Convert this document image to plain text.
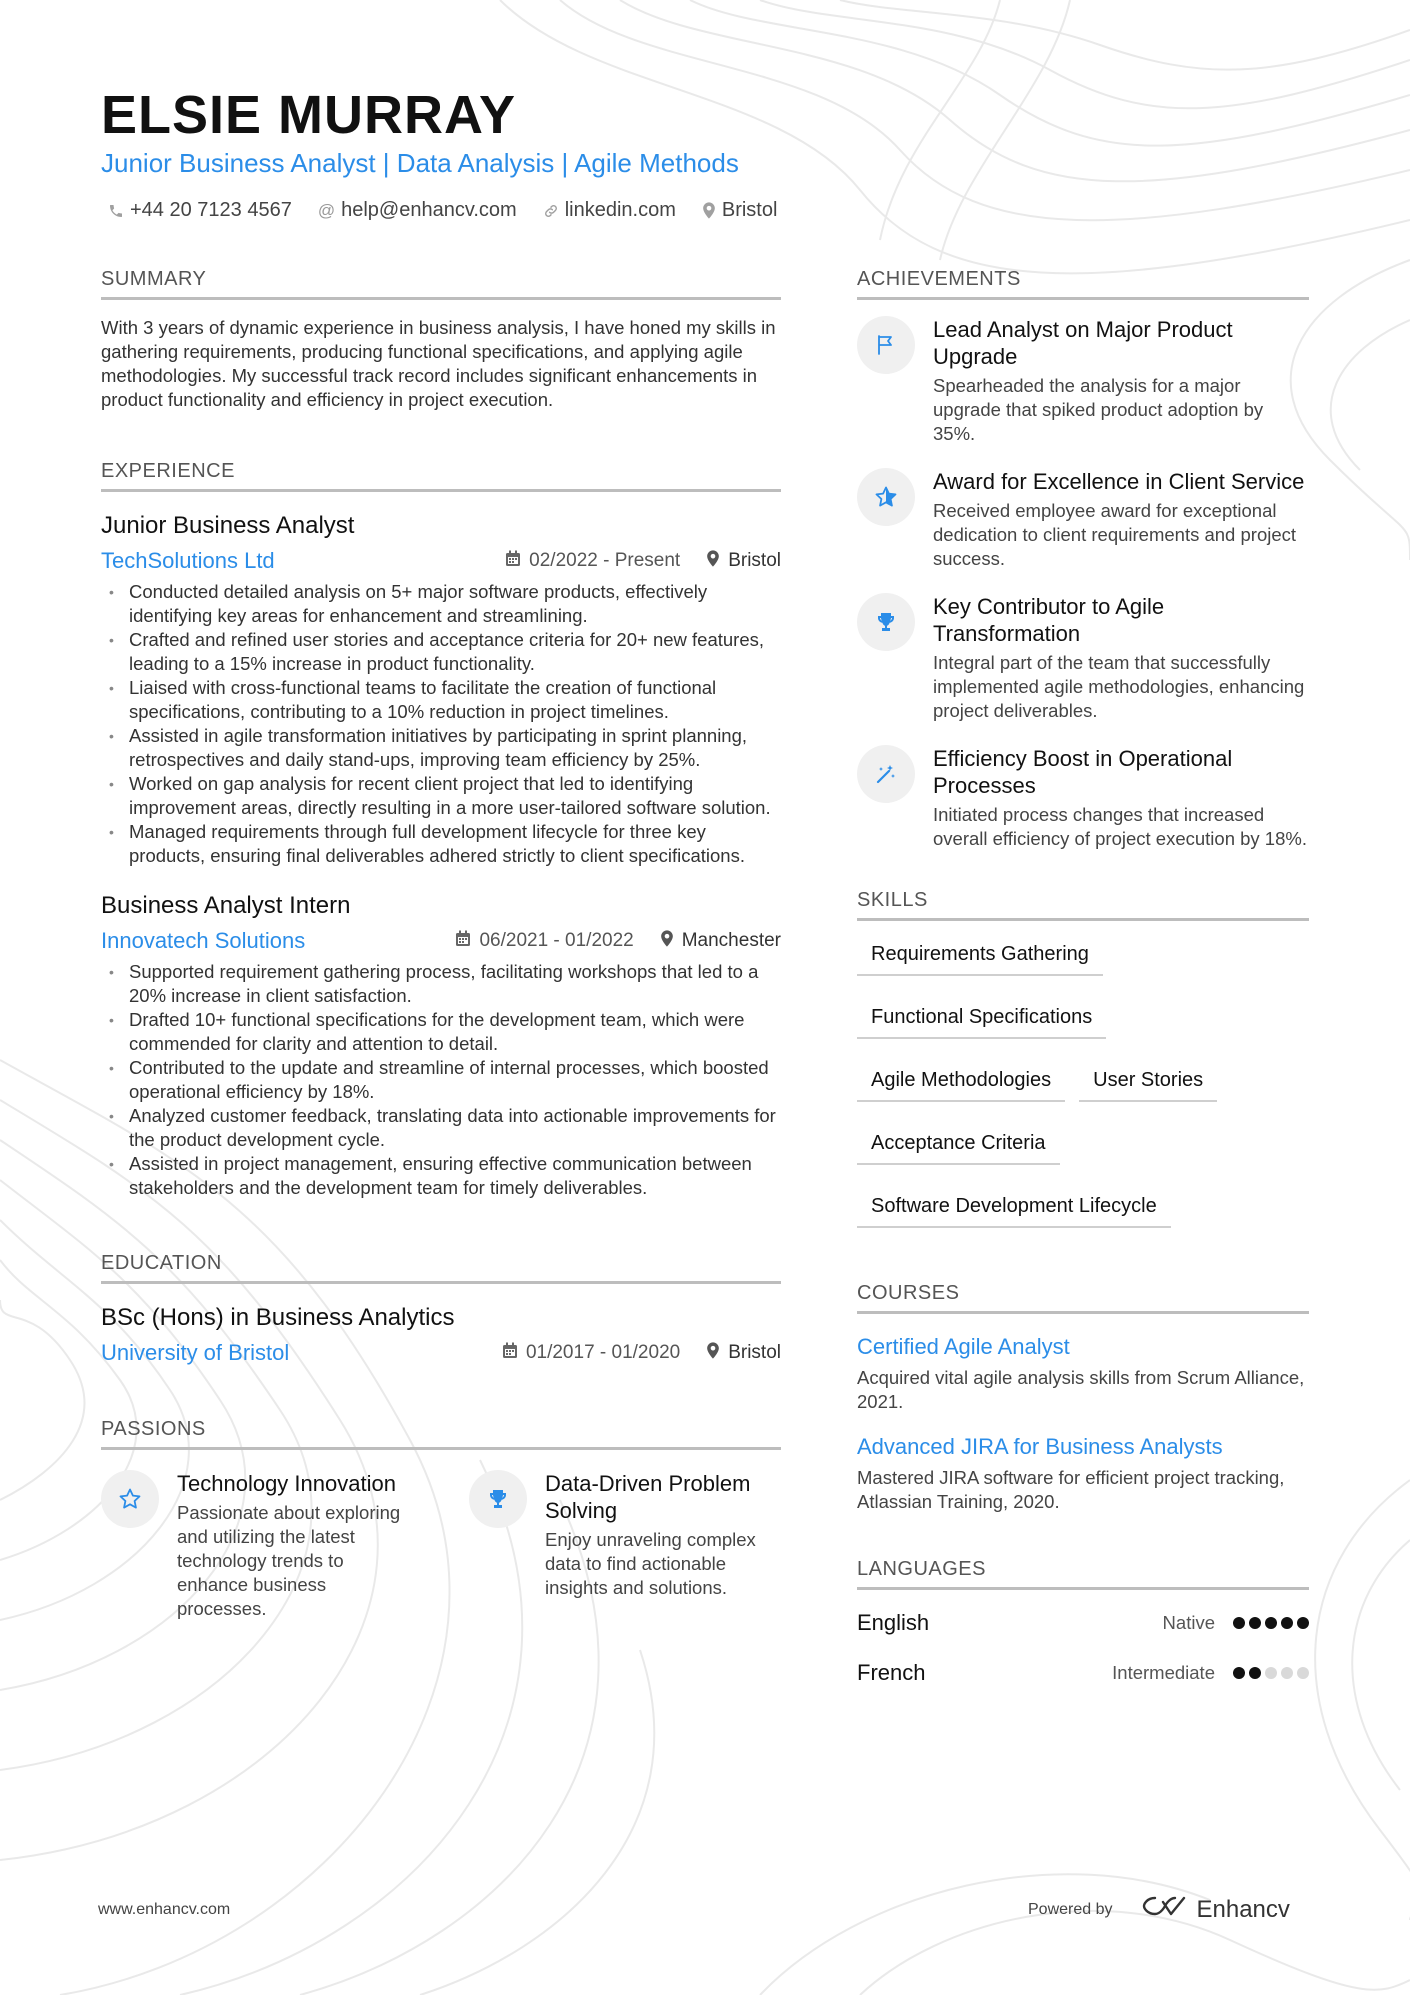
ELSIE MURRAY
Junior Business Analyst | Data Analysis | Agile Methods
+44 20 7123 4567 @ help@enhancv.com linkedin.com Bristol
SUMMARY

With 3 years of dynamic experience in business analysis, I have honed my skills in gathering requirements, producing functional specifications, and applying agile methodologies. My successful track record includes significant enhancements in product functionality and efficiency in project execution.

EXPERIENCE
Junior Business Analyst
TechSolutions Ltd	02/2022 - Present	Bristol
• Conducted detailed analysis on 5+ major software products, effectively identifying key areas for enhancement and streamlining.
• Crafted and refined user stories and acceptance criteria for 20+ new features, leading to a 15% increase in product functionality.
• Liaised with cross-functional teams to facilitate the creation of functional specifications, contributing to a 10% reduction in project timelines.
• Assisted in agile transformation initiatives by participating in sprint planning, retrospectives and daily stand-ups, improving team efficiency by 25%.
• Worked on gap analysis for recent client project that led to identifying improvement areas, directly resulting in a more user-tailored software solution.
• Managed requirements through full development lifecycle for three key products, ensuring final deliverables adhered strictly to client specifications.
Business Analyst Intern
Innovatech Solutions	06/2021 - 01/2022	Manchester
• Supported requirement gathering process, facilitating workshops that led to a 20% increase in client satisfaction.
• Drafted 10+ functional specifications for the development team, which were commended for clarity and attention to detail.
• Contributed to the update and streamline of internal processes, which boosted operational efficiency by 18%.
• Analyzed customer feedback, translating data into actionable improvements for the product development cycle.
• Assisted in project management, ensuring effective communication between stakeholders and the development team for timely deliverables.
EDUCATION
BSc (Hons) in Business Analytics
University of Bristol	01/2017 - 01/2020	Bristol
PASSIONS
Technology Innovation
Passionate about exploring and utilizing the latest technology trends to enhance business processes.
Data-Driven Problem Solving
Enjoy unraveling complex data to find actionable insights and solutions.
ACHIEVEMENTS
Lead Analyst on Major Product Upgrade
Spearheaded the analysis for a major upgrade that spiked product adoption by 35%.
Award for Excellence in Client Service
Received employee award for exceptional dedication to client requirements and project success.
Key Contributor to Agile Transformation
Integral part of the team that successfully implemented agile methodologies, enhancing project deliverables.
Efficiency Boost in Operational Processes
Initiated process changes that increased overall efficiency of project execution by 18%.
SKILLS
Requirements Gathering
Functional Specifications
Agile Methodologies	User Stories
Acceptance Criteria
Software Development Lifecycle
COURSES
Certified Agile Analyst
Acquired vital agile analysis skills from Scrum Alliance, 2021.
Advanced JIRA for Business Analysts
Mastered JIRA software for efficient project tracking, Atlassian Training, 2020.
LANGUAGES
English	Native
French	Intermediate
www.enhancv.com	Powered by	Enhancv
